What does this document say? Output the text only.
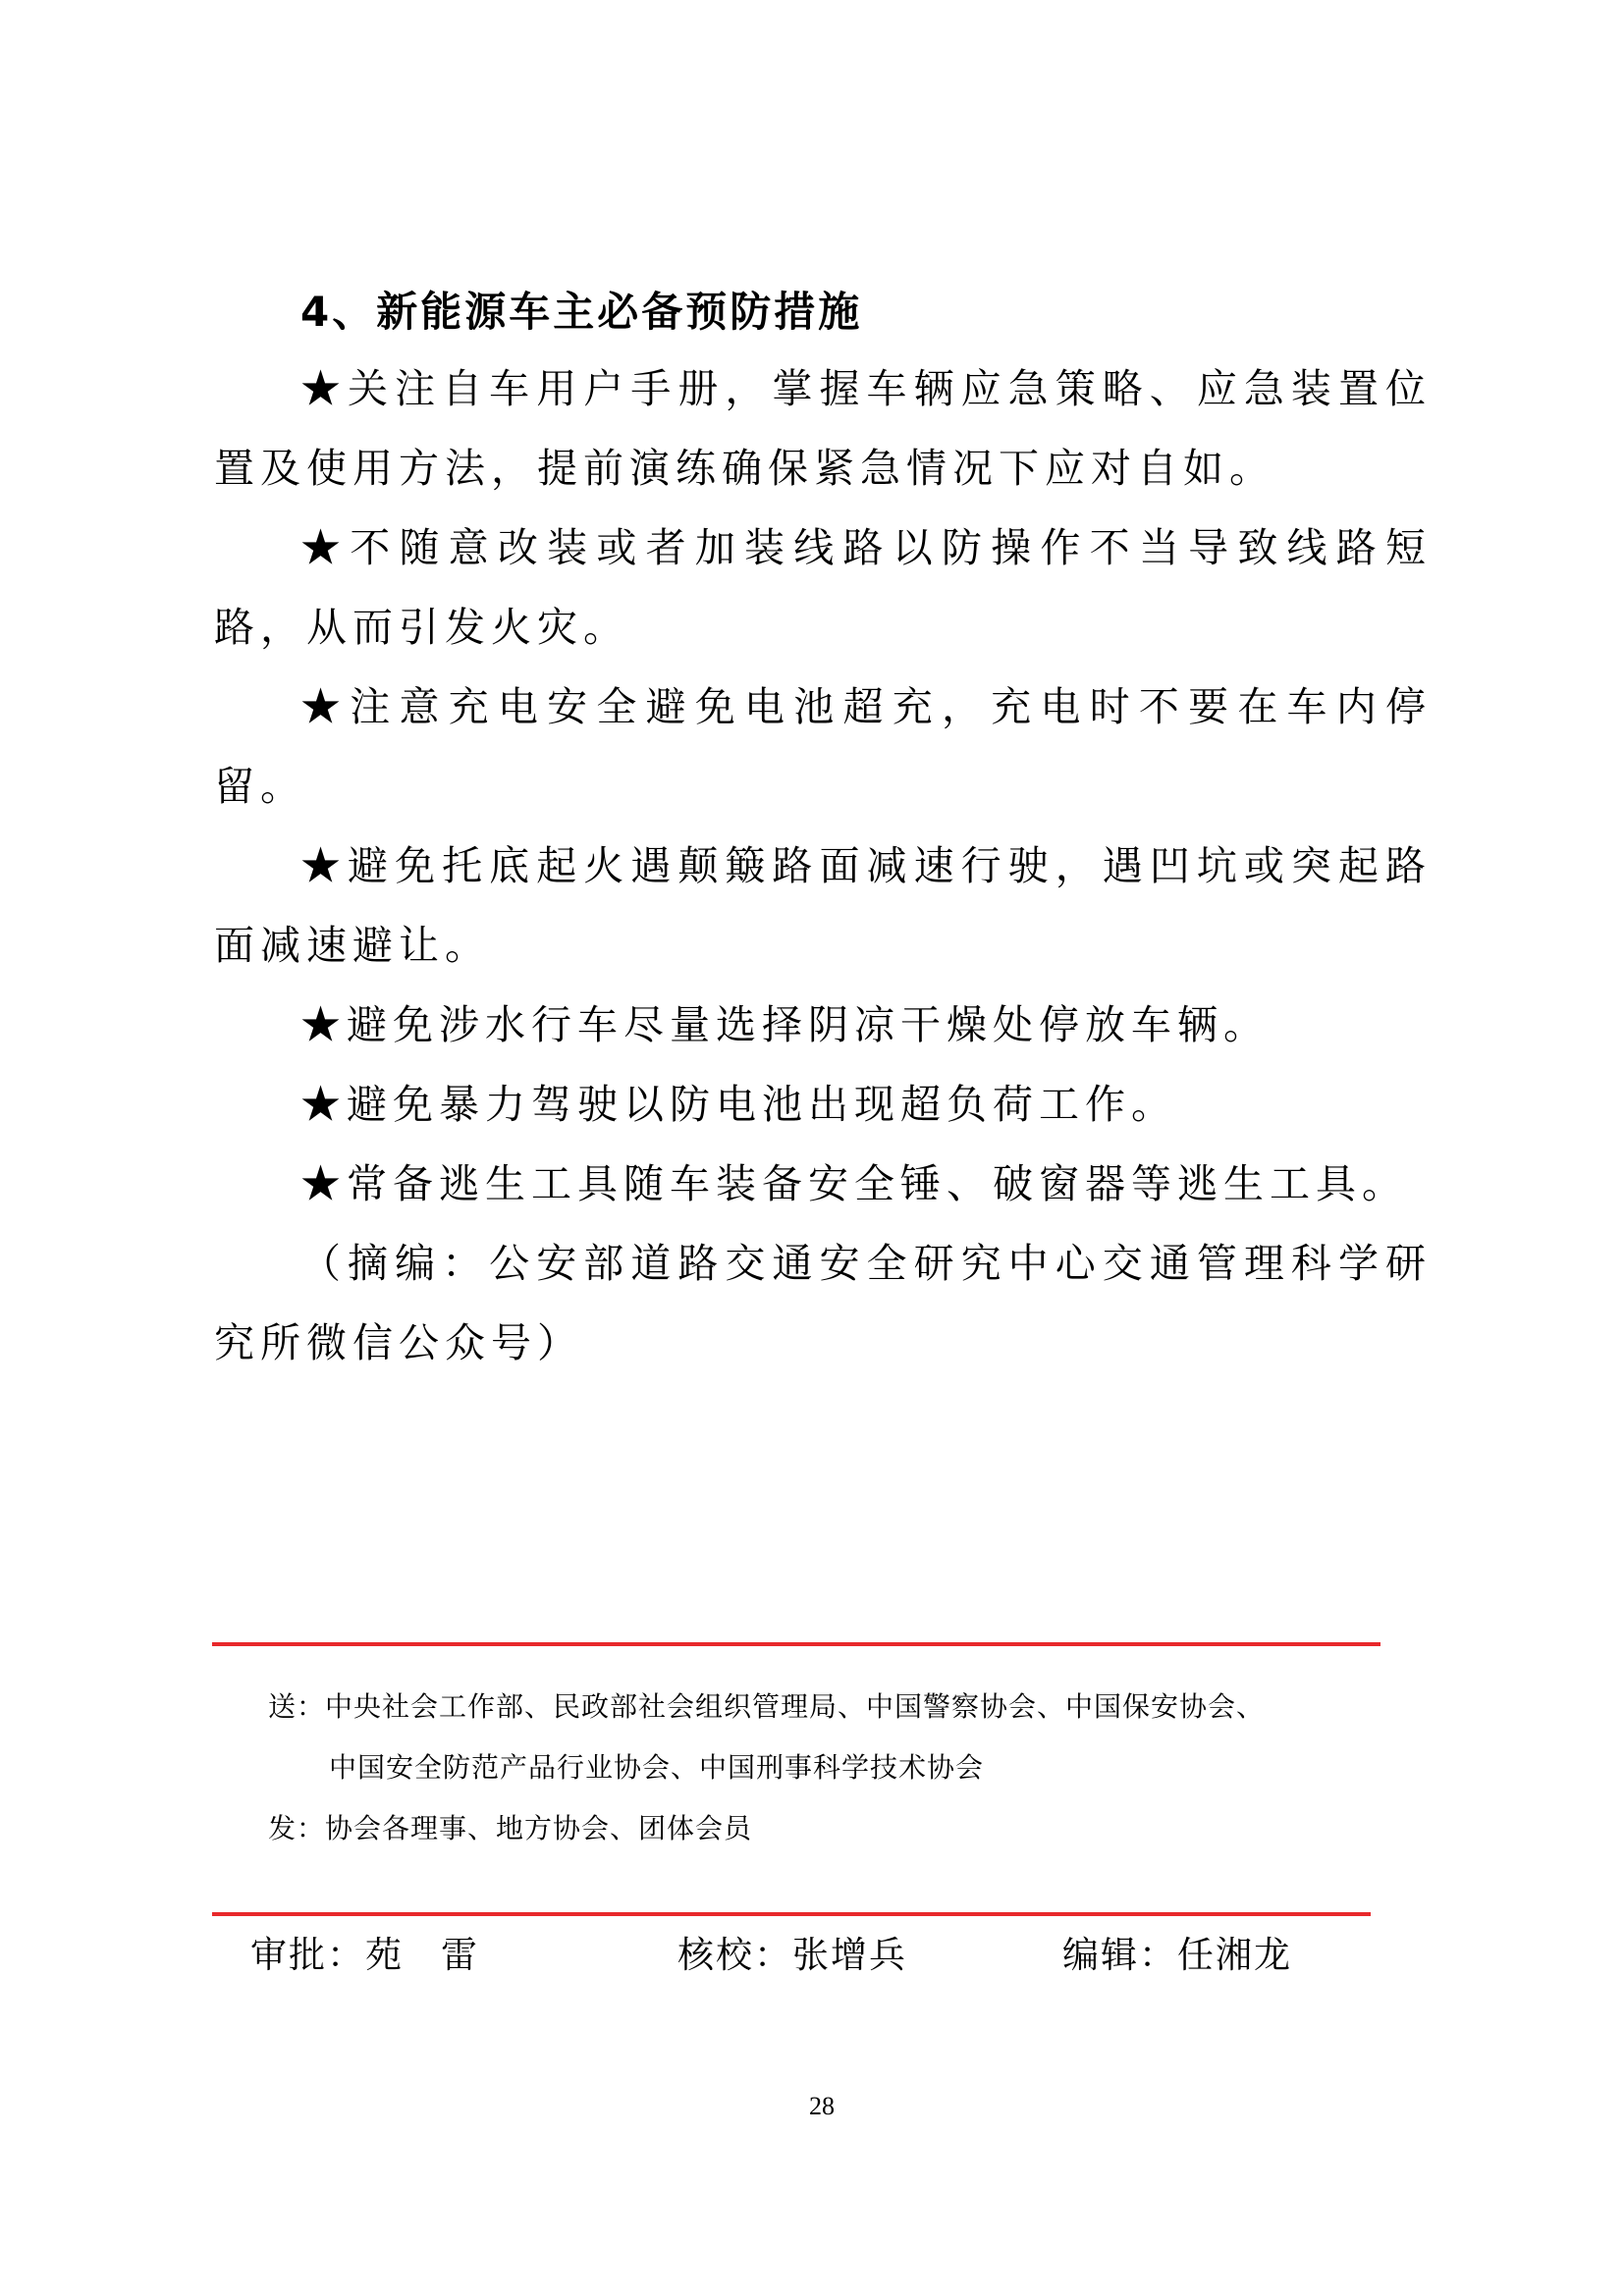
4、新能源车主必备预防措施

★关注自车用户手册，掌握车辆应急策略、应急装置位置及使用方法，提前演练确保紧急情况下应对自如。

★不随意改装或者加装线路以防操作不当导致线路短路，从而引发火灾。

★注意充电安全避免电池超充，充电时不要在车内停留。

★避免托底起火遇颠簸路面减速行驶，遇凹坑或突起路面减速避让。

★避免涉水行车尽量选择阴凉干燥处停放车辆。

★避免暴力驾驶以防电池出现超负荷工作。

★常备逃生工具随车装备安全锤、破窗器等逃生工具。

（摘编：公安部道路交通安全研究中心交通管理科学研究所微信公众号）

送：中央社会工作部、民政部社会组织管理局、中国警察协会、中国保安协会、
中国安全防范产品行业协会、中国刑事科学技术协会
发：协会各理事、地方协会、团体会员
审批：苑 雷	核校：张增兵	编辑：任湘龙
28
